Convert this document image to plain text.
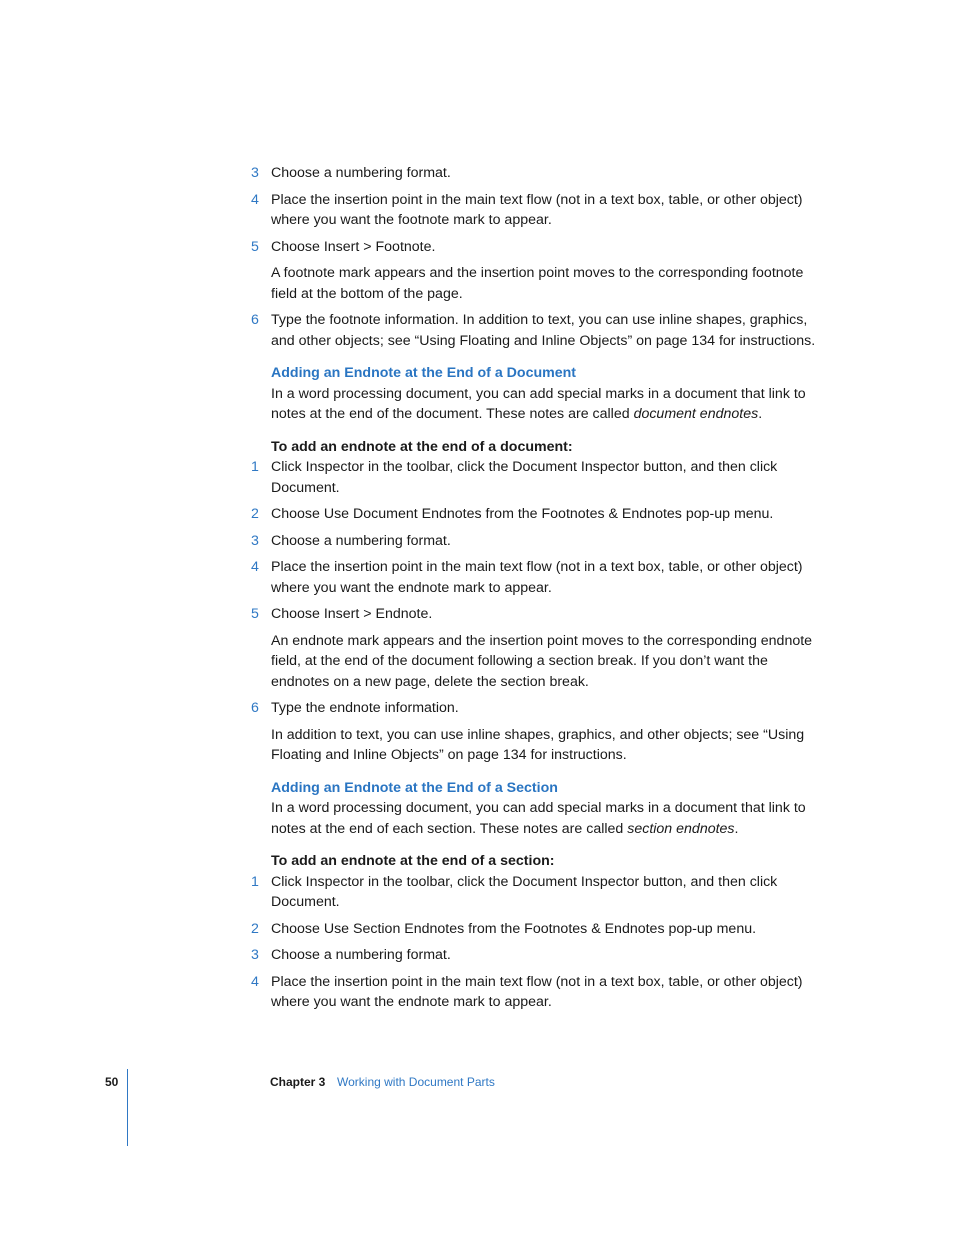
3 Choose a numbering format.
4 Place the insertion point in the main text flow (not in a text box, table, or other object) where you want the footnote mark to appear.
5 Choose Insert > Footnote.

A footnote mark appears and the insertion point moves to the corresponding footnote field at the bottom of the page.

6 Type the footnote information. In addition to text, you can use inline shapes, graphics, and other objects; see “Using Floating and Inline Objects” on page 134 for instructions.
Adding an Endnote at the End of a Document

In a word processing document, you can add special marks in a document that link to notes at the end of the document. These notes are called document endnotes.

To add an endnote at the end of a document:

1 Click Inspector in the toolbar, click the Document Inspector button, and then click Document.
2 Choose Use Document Endnotes from the Footnotes & Endnotes pop-up menu.
3 Choose a numbering format.
4 Place the insertion point in the main text flow (not in a text box, table, or other object) where you want the endnote mark to appear.
5 Choose Insert > Endnote.

An endnote mark appears and the insertion point moves to the corresponding endnote field, at the end of the document following a section break. If you don’t want the endnotes on a new page, delete the section break.

6 Type the endnote information.

In addition to text, you can use inline shapes, graphics, and other objects; see “Using Floating and Inline Objects” on page 134 for instructions.

Adding an Endnote at the End of a Section

In a word processing document, you can add special marks in a document that link to notes at the end of each section. These notes are called section endnotes.

To add an endnote at the end of a section:

1 Click Inspector in the toolbar, click the Document Inspector button, and then click Document.
2 Choose Use Section Endnotes from the Footnotes & Endnotes pop-up menu.
3 Choose a numbering format.
4 Place the insertion point in the main text flow (not in a text box, table, or other object) where you want the endnote mark to appear.
50	Chapter 3 Working with Document Parts
